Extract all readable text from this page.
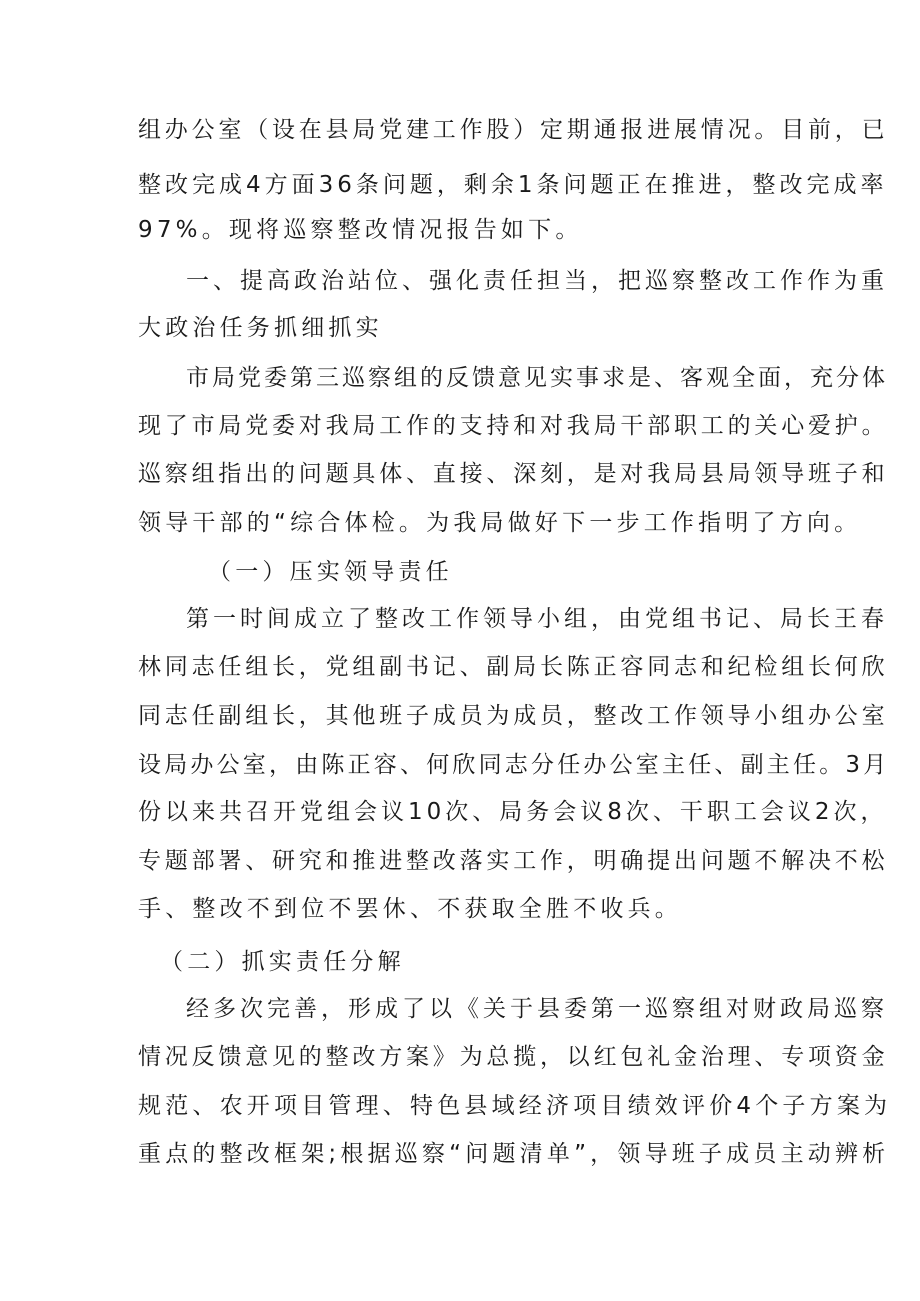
组办公室（设在县局党建工作股）定期通报进展情况。目前，已
整改完成4方面36条问题，剩余1条问题正在推进，整改完成率
97%。现将巡察整改情况报告如下。
一、提高政治站位、强化责任担当，把巡察整改工作作为重
大政治任务抓细抓实
市局党委第三巡察组的反馈意见实事求是、客观全面，充分体
现了市局党委对我局工作的支持和对我局干部职工的关心爱护。
巡察组指出的问题具体、直接、深刻，是对我局县局领导班子和
领导干部的“综合体检。为我局做好下一步工作指明了方向。
（一）压实领导责任
第一时间成立了整改工作领导小组，由党组书记、局长王春
林同志任组长，党组副书记、副局长陈正容同志和纪检组长何欣
同志任副组长，其他班子成员为成员，整改工作领导小组办公室
设局办公室，由陈正容、何欣同志分任办公室主任、副主任。3月
份以来共召开党组会议10次、局务会议8次、干职工会议2次，
专题部署、研究和推进整改落实工作，明确提出问题不解决不松
手、整改不到位不罢休、不获取全胜不收兵。
（二）抓实责任分解
经多次完善，形成了以《关于县委第一巡察组对财政局巡察
情况反馈意见的整改方案》为总揽，以红包礼金治理、专项资金
规范、农开项目管理、特色县域经济项目绩效评价4个子方案为
重点的整改框架;根据巡察“问题清单”，领导班子成员主动辨析
